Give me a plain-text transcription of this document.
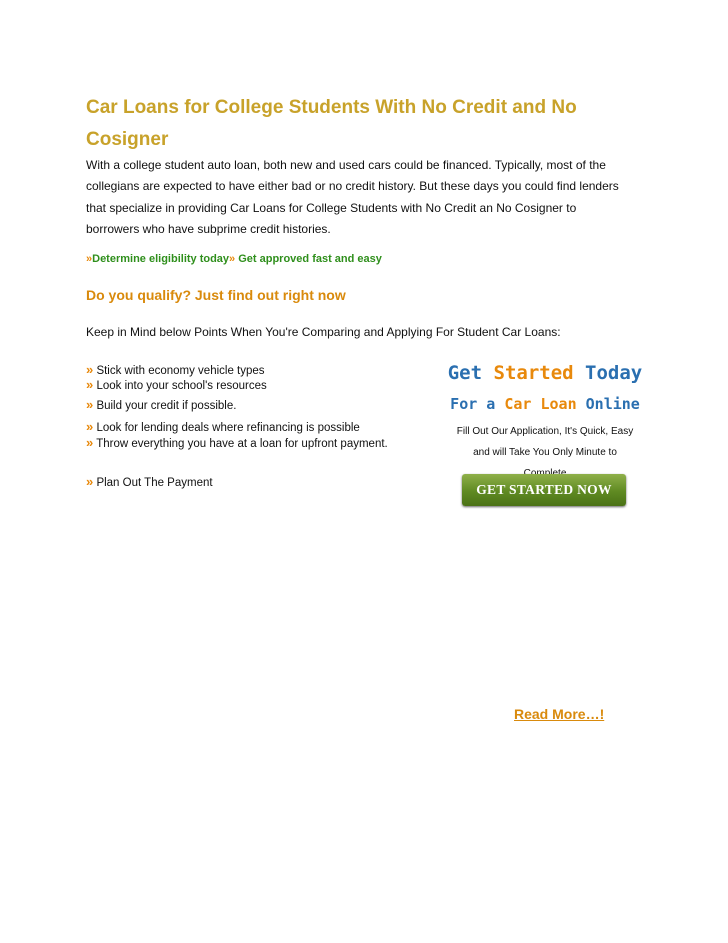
Car Loans for College Students With No Credit and No Cosigner
With a college student auto loan, both new and used cars could be financed. Typically, most of the
collegians are expected to have either bad or no credit history. But these days you could find lenders
that specialize in providing Car Loans for College Students with No Credit an No Cosigner to
borrowers who have subprime credit histories.
»Determine eligibility today» Get approved fast and easy
Do you qualify? Just find out right now
Keep in Mind below Points When You're Comparing and Applying For Student Car Loans:
» Stick with economy vehicle types
» Look into your school's resources
» Build your credit if possible.
» Look for lending deals where refinancing is possible
» Throw everything you have at a loan for upfront payment.
» Plan Out The Payment
Get Started Today
For a Car Loan Online
Fill Out Our Application, It's Quick, Easy
and will Take You Only Minute to
GET STARTED NOW
Read More…!
